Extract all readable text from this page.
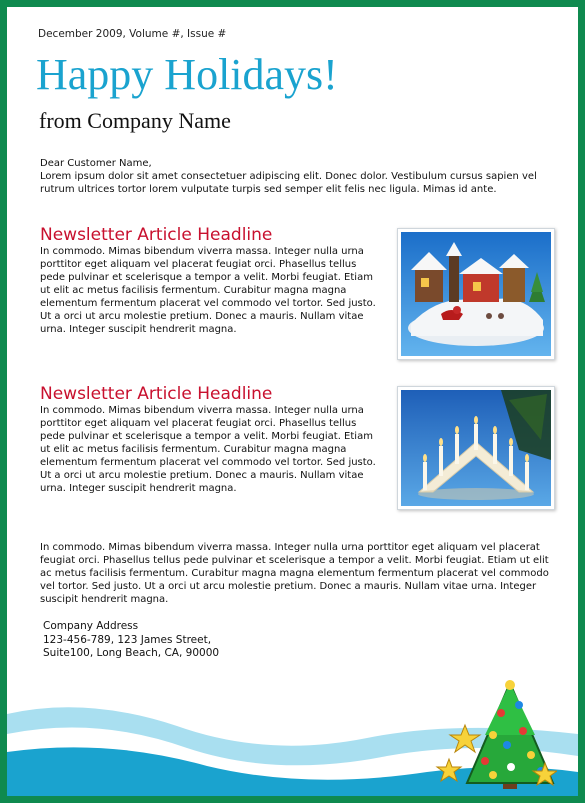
December 2009, Volume #, Issue #
Happy Holidays!
from Company Name

Dear Customer Name,

Lorem ipsum dolor sit amet consectetuer adipiscing elit. Donec dolor. Vestibulum cursus sapien vel rutrum ultrices tortor lorem vulputate turpis sed semper elit felis nec ligula. Mimas id ante.

Newsletter Article Headline

In commodo. Mimas bibendum viverra massa. Integer nulla urna porttitor eget aliquam vel placerat feugiat orci. Phasellus tellus pede pulvinar et scelerisque a tempor a velit. Morbi feugiat. Etiam ut elit ac metus facilisis fermentum. Curabitur magna magna elementum fermentum placerat vel commodo vel tortor. Sed justo. Ut a orci ut arcu molestie pretium. Donec a mauris. Nullam vitae urna. Integer suscipit hendrerit magna.

Newsletter Article Headline

In commodo. Mimas bibendum viverra massa. Integer nulla urna porttitor eget aliquam vel placerat feugiat orci. Phasellus tellus pede pulvinar et scelerisque a tempor a velit. Morbi feugiat. Etiam ut elit ac metus facilisis fermentum. Curabitur magna magna elementum fermentum placerat vel commodo vel tortor. Sed justo. Ut a orci ut arcu molestie pretium. Donec a mauris. Nullam vitae urna. Integer suscipit hendrerit magna.

In commodo. Mimas bibendum viverra massa. Integer nulla urna porttitor eget aliquam vel placerat feugiat orci. Phasellus tellus pede pulvinar et scelerisque a tempor a velit. Morbi feugiat. Etiam ut elit ac metus facilisis fermentum. Curabitur magna magna elementum fermentum placerat vel commodo vel tortor. Sed justo. Ut a orci ut arcu molestie pretium. Donec a mauris. Nullam vitae urna. Integer suscipit hendrerit magna.

Company Address
123-456-789, 123 James Street,
Suite100, Long Beach, CA, 90000
